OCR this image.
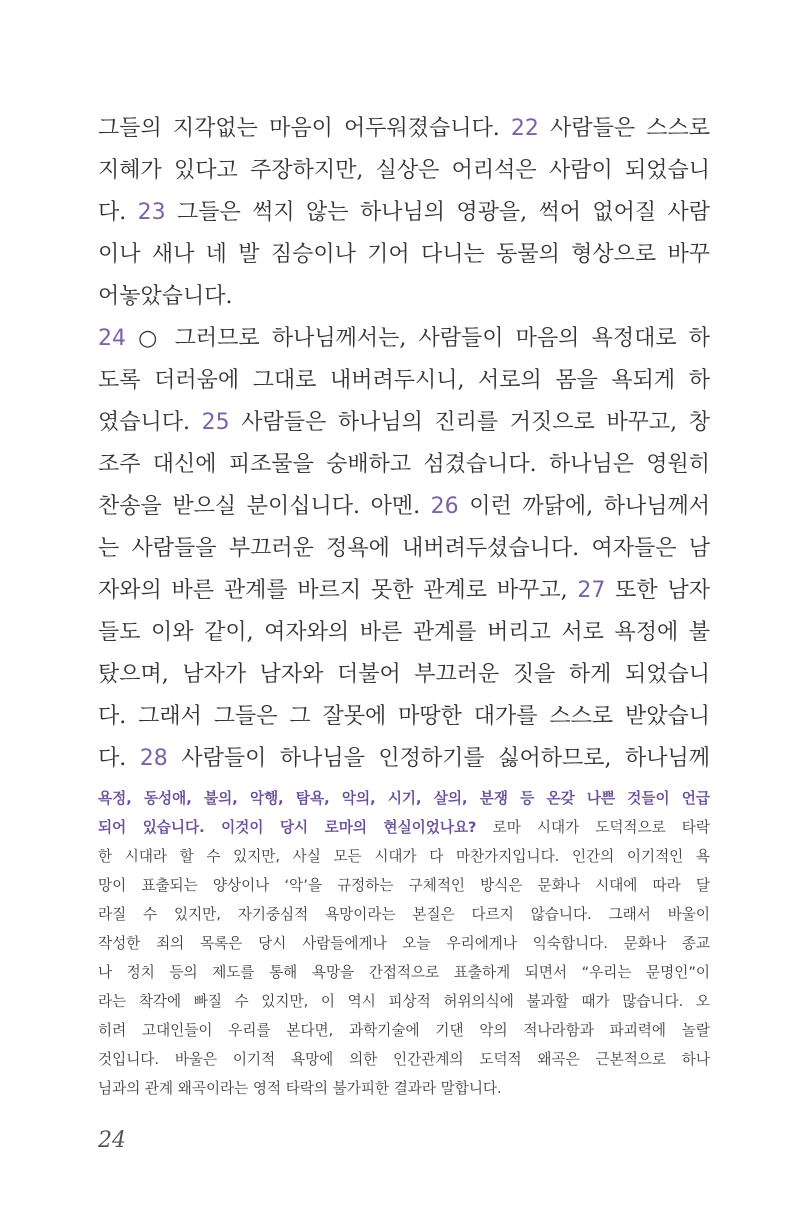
그들의 지각없는 마음이 어두워졌습니다. 22 사람들은 스스로
지혜가 있다고 주장하지만, 실상은 어리석은 사람이 되었습니
다. 23 그들은 썩지 않는 하나님의 영광을, 썩어 없어질 사람
이나 새나 네 발 짐승이나 기어 다니는 동물의 형상으로 바꾸
어놓았습니다.
24 ○ 그러므로 하나님께서는, 사람들이 마음의 욕정대로 하
도록 더러움에 그대로 내버려두시니, 서로의 몸을 욕되게 하
였습니다. 25 사람들은 하나님의 진리를 거짓으로 바꾸고, 창
조주 대신에 피조물을 숭배하고 섬겼습니다. 하나님은 영원히
찬송을 받으실 분이십니다. 아멘. 26 이런 까닭에, 하나님께서
는 사람들을 부끄러운 정욕에 내버려두셨습니다. 여자들은 남
자와의 바른 관계를 바르지 못한 관계로 바꾸고, 27 또한 남자
들도 이와 같이, 여자와의 바른 관계를 버리고 서로 욕정에 불
탔으며, 남자가 남자와 더불어 부끄러운 짓을 하게 되었습니
다. 그래서 그들은 그 잘못에 마땅한 대가를 스스로 받았습니
다. 28 사람들이 하나님을 인정하기를 싫어하므로, 하나님께
욕정, 동성애, 불의, 악행, 탐욕, 악의, 시기, 살의, 분쟁 등 온갖 나쁜 것들이 언급
되어 있습니다. 이것이 당시 로마의 현실이었나요? 로마 시대가 도덕적으로 타락
한 시대라 할 수 있지만, 사실 모든 시대가 다 마찬가지입니다. 인간의 이기적인 욕
망이 표출되는 양상이나 ‘악’을 규정하는 구체적인 방식은 문화나 시대에 따라 달
라질 수 있지만, 자기중심적 욕망이라는 본질은 다르지 않습니다. 그래서 바울이
작성한 죄의 목록은 당시 사람들에게나 오늘 우리에게나 익숙합니다. 문화나 종교
나 정치 등의 제도를 통해 욕망을 간접적으로 표출하게 되면서 “우리는 문명인”이
라는 착각에 빠질 수 있지만, 이 역시 피상적 허위의식에 불과할 때가 많습니다. 오
히려 고대인들이 우리를 본다면, 과학기술에 기댄 악의 적나라함과 파괴력에 놀랄
것입니다. 바울은 이기적 욕망에 의한 인간관계의 도덕적 왜곡은 근본적으로 하나
님과의 관계 왜곡이라는 영적 타락의 불가피한 결과라 말합니다.
24
